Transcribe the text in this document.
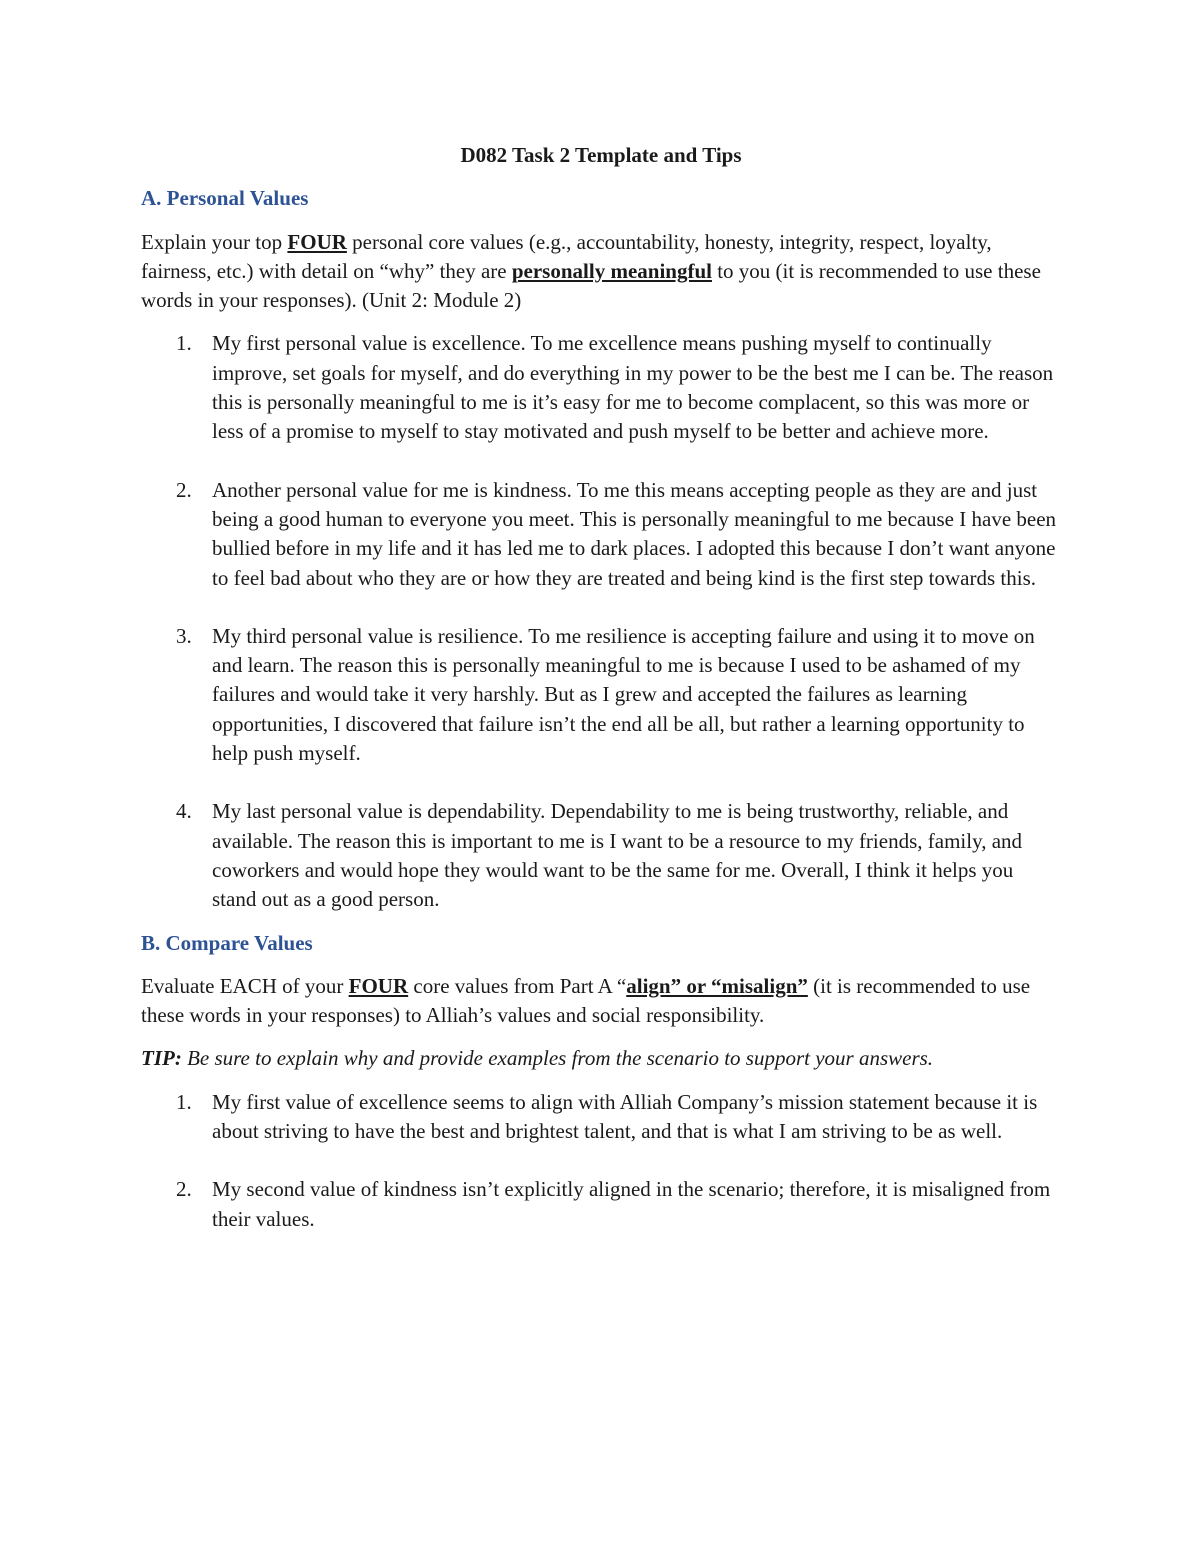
D082 Task 2 Template and Tips
A. Personal Values
Explain your top FOUR personal core values (e.g., accountability, honesty, integrity, respect, loyalty, fairness, etc.) with detail on “why” they are personally meaningful to you (it is recommended to use these words in your responses). (Unit 2: Module 2)
1. My first personal value is excellence. To me excellence means pushing myself to continually improve, set goals for myself, and do everything in my power to be the best me I can be. The reason this is personally meaningful to me is it’s easy for me to become complacent, so this was more or less of a promise to myself to stay motivated and push myself to be better and achieve more.
2. Another personal value for me is kindness. To me this means accepting people as they are and just being a good human to everyone you meet. This is personally meaningful to me because I have been bullied before in my life and it has led me to dark places. I adopted this because I don’t want anyone to feel bad about who they are or how they are treated and being kind is the first step towards this.
3. My third personal value is resilience. To me resilience is accepting failure and using it to move on and learn. The reason this is personally meaningful to me is because I used to be ashamed of my failures and would take it very harshly. But as I grew and accepted the failures as learning opportunities, I discovered that failure isn’t the end all be all, but rather a learning opportunity to help push myself.
4. My last personal value is dependability. Dependability to me is being trustworthy, reliable, and available. The reason this is important to me is I want to be a resource to my friends, family, and coworkers and would hope they would want to be the same for me. Overall, I think it helps you stand out as a good person.
B. Compare Values
Evaluate EACH of your FOUR core values from Part A “align” or “misalign” (it is recommended to use these words in your responses) to Alliah’s values and social responsibility.
TIP: Be sure to explain why and provide examples from the scenario to support your answers.
1. My first value of excellence seems to align with Alliah Company’s mission statement because it is about striving to have the best and brightest talent, and that is what I am striving to be as well.
2. My second value of kindness isn’t explicitly aligned in the scenario; therefore, it is misaligned from their values.
